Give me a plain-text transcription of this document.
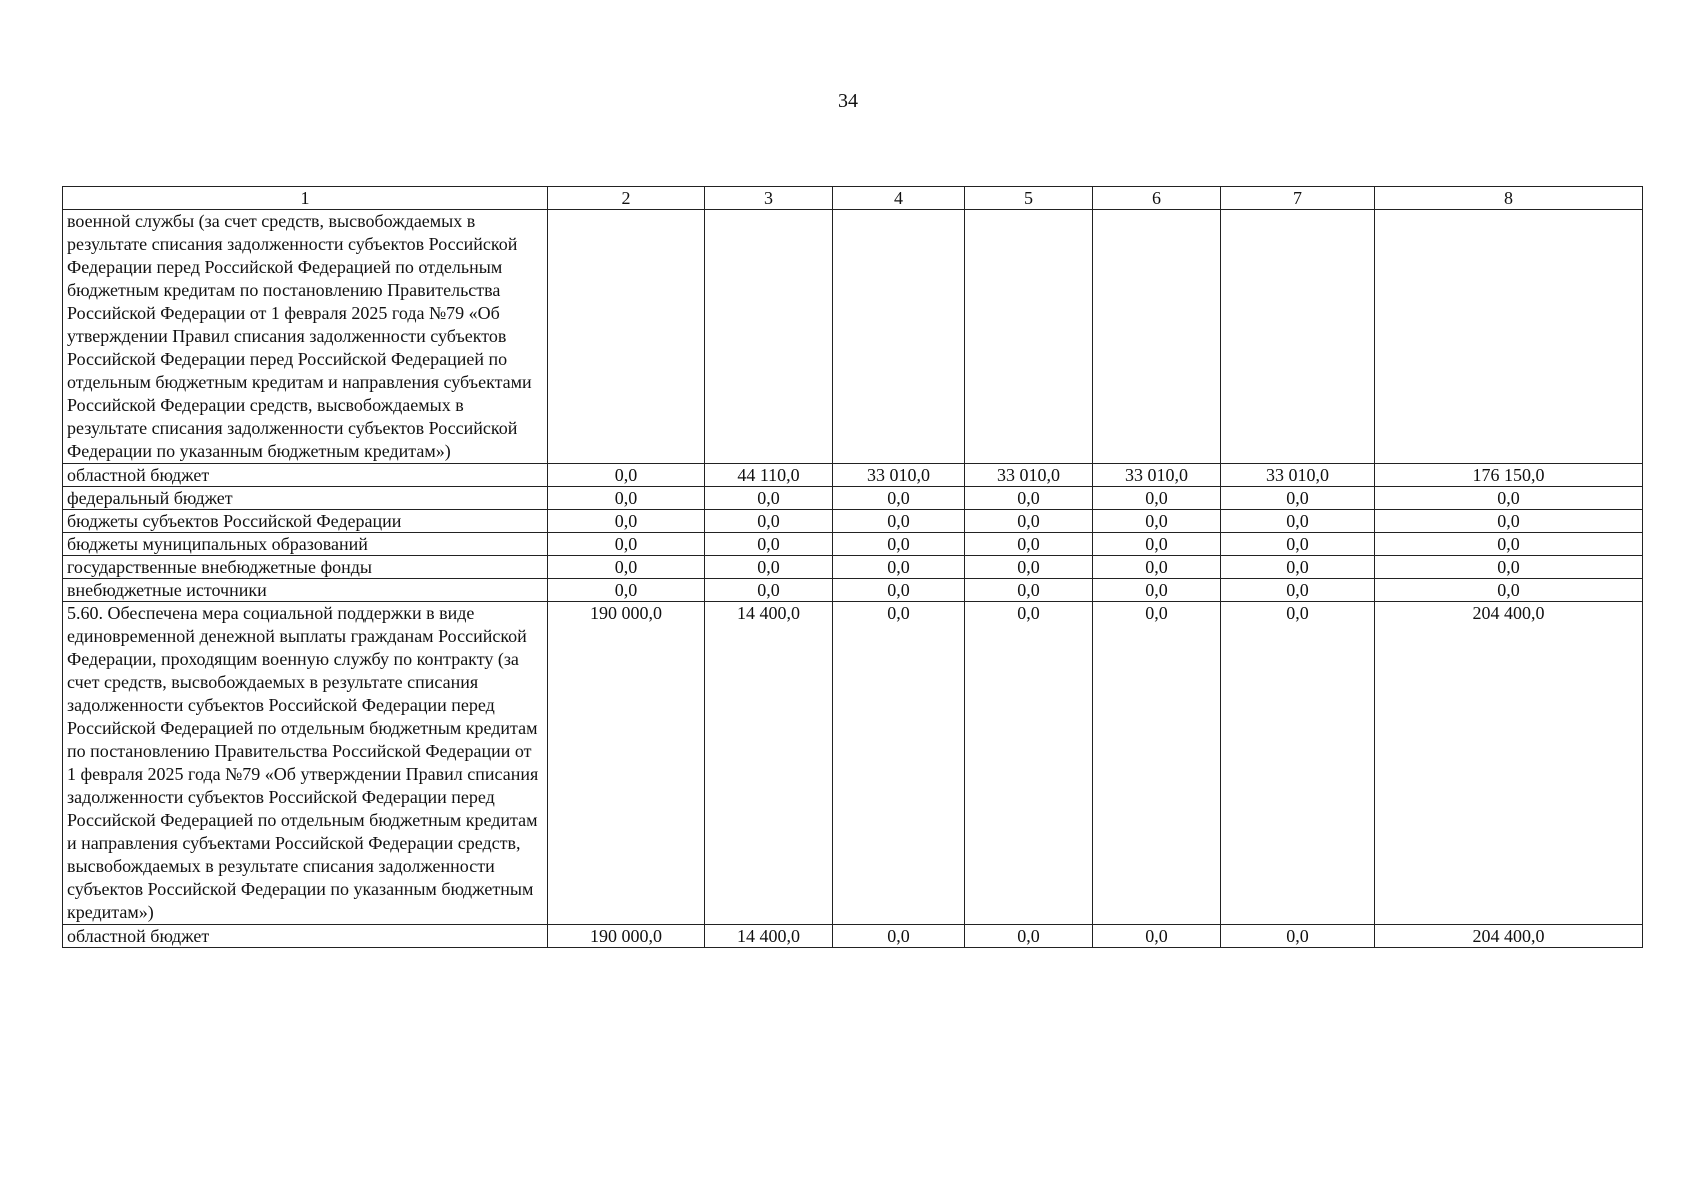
34
1	2	3	4	5	6	7	8
военной службы (за счет средств, высвобождаемых в результате списания задолженности субъектов Российской Федерации перед Российской Федерацией по отдельным бюджетным кредитам по постановлению Правительства Российской Федерации от 1 февраля 2025 года №79 «Об утверждении Правил списания задолженности субъектов Российской Федерации перед Российской Федерацией по отдельным бюджетным кредитам и направления субъектами Российской Федерации средств, высвобождаемых в результате списания задолженности субъектов Российской Федерации по указанным бюджетным кредитам»)							
областной бюджет	0,0	44 110,0	33 010,0	33 010,0	33 010,0	33 010,0	176 150,0
федеральный бюджет	0,0	0,0	0,0	0,0	0,0	0,0	0,0
бюджеты субъектов Российской Федерации	0,0	0,0	0,0	0,0	0,0	0,0	0,0
бюджеты муниципальных образований	0,0	0,0	0,0	0,0	0,0	0,0	0,0
государственные внебюджетные фонды	0,0	0,0	0,0	0,0	0,0	0,0	0,0
внебюджетные источники	0,0	0,0	0,0	0,0	0,0	0,0	0,0
5.60. Обеспечена мера социальной поддержки в виде единовременной денежной выплаты гражданам Российской Федерации, проходящим военную службу по контракту (за счет средств, высвобождаемых в результате списания задолженности субъектов Российской Федерации перед Российской Федерацией по отдельным бюджетным кредитам по постановлению Правительства Российской Федерации от 1 февраля 2025 года №79 «Об утверждении Правил списания задолженности субъектов Российской Федерации перед Российской Федерацией по отдельным бюджетным кредитам и направления субъектами Российской Федерации средств, высвобождаемых в результате списания задолженности субъектов Российской Федерации по указанным бюджетным кредитам»)	190 000,0	14 400,0	0,0	0,0	0,0	0,0	204 400,0
областной бюджет	190 000,0	14 400,0	0,0	0,0	0,0	0,0	204 400,0
